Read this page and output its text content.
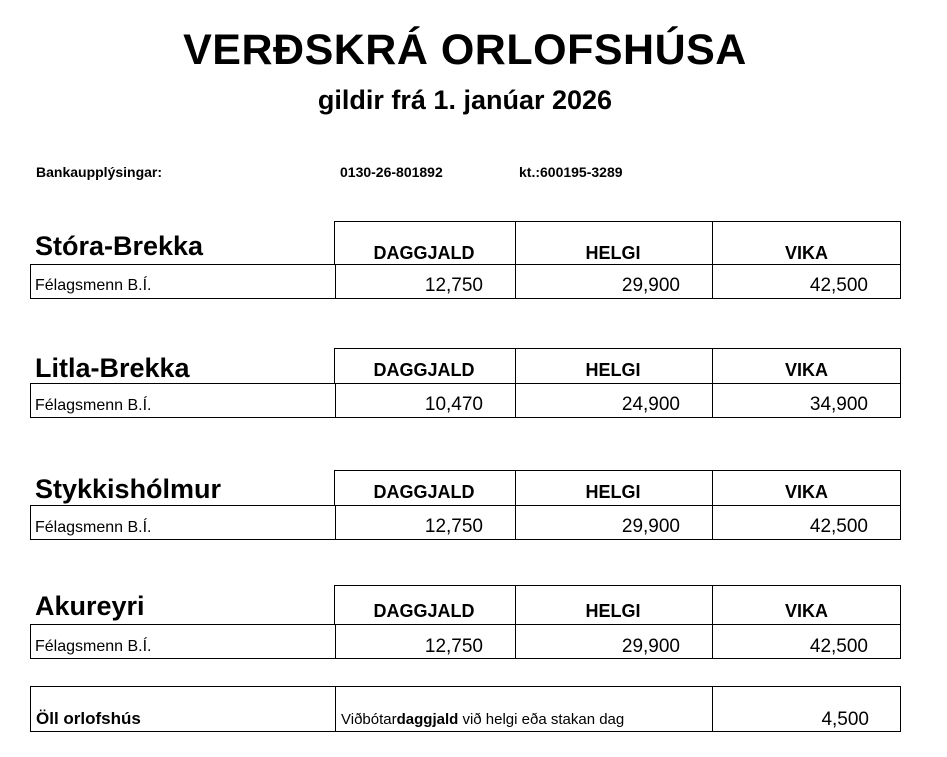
VERÐSKRÁ ORLOFSHÚSA
gildir frá 1. janúar 2026
Bankaupplýsingar:	0130-26-801892	kt.:600195-3289
Stóra-Brekka	DAGGJALD	HELGI	VIKA
Félagsmenn B.Í.	12,750	29,900	42,500
Litla-Brekka	DAGGJALD	HELGI	VIKA
Félagsmenn B.Í.	10,470	24,900	34,900
Stykkishólmur	DAGGJALD	HELGI	VIKA
Félagsmenn B.Í.	12,750	29,900	42,500
Akureyri	DAGGJALD	HELGI	VIKA
Félagsmenn B.Í.	12,750	29,900	42,500
Öll orlofshús	Viðbótardaggjald við helgi eða stakan dag	4,500
